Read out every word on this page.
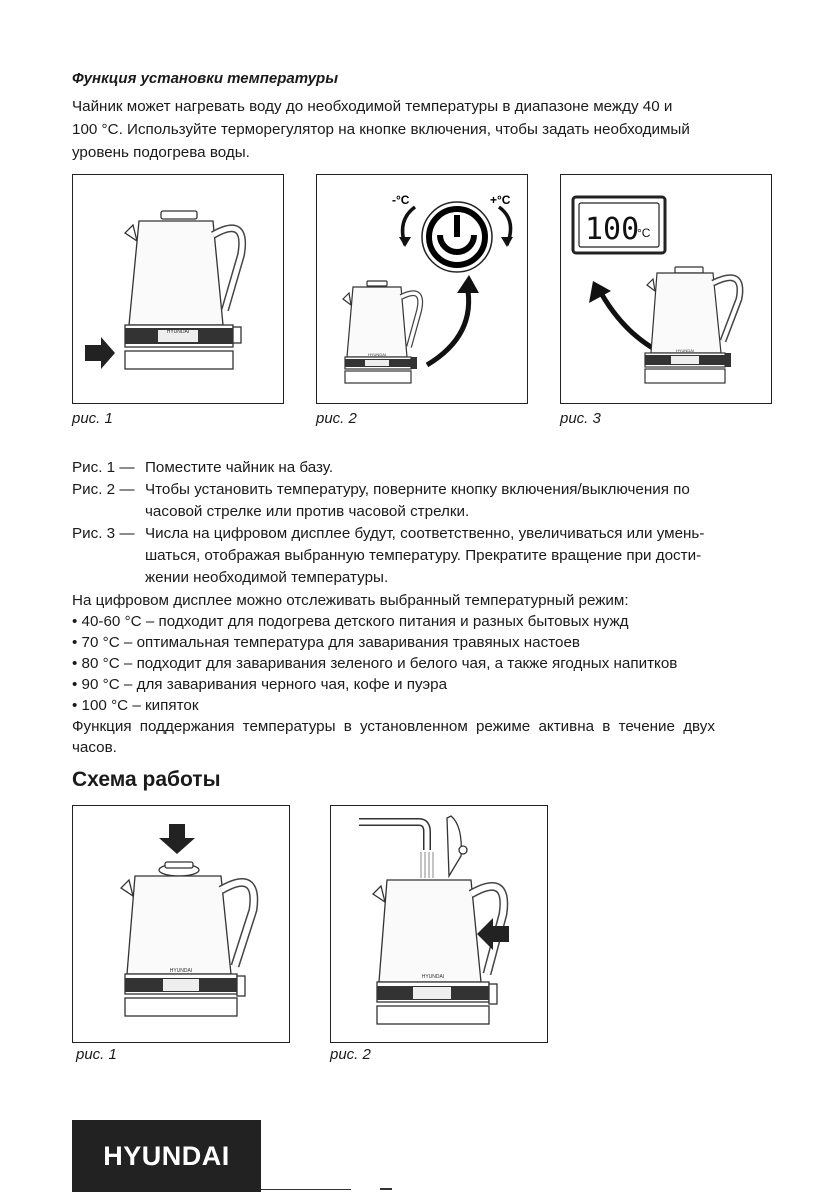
Функция установки температуры
Чайник может нагревать воду до необходимой температуры в диапазоне между 40 и
100 °С. Используйте терморегулятор на кнопке включения, чтобы задать необходимый
уровень подогрева воды.
HYUNDAI
-°С	+°С
HYUNDAI
100
°С
HYUNDAI
рис. 1	рис. 2	рис. 3
Рис. 1 — Поместите чайник на базу.
Рис. 2 — Чтобы установить температуру, поверните кнопку включения/выключения по
часовой стрелке или против часовой стрелки.
Рис. 3 — Числа на цифровом дисплее будут, соответственно, увеличиваться или умень-
шаться, отображая выбранную температуру. Прекратите вращение при дости-
жении необходимой температуры.
На цифровом дисплее можно отслеживать выбранный температурный режим:
• 40-60 °С – подходит для подогрева детского питания и разных бытовых нужд
• 70 °С – оптимальная температура для заваривания травяных настоев
• 80 °С – подходит для заваривания зеленого и белого чая, а также ягодных напитков
• 90 °С – для заваривания черного чая, кофе и пуэра
• 100 °С – кипяток
Функция поддержания температуры в установленном режиме активна в течение двух
часов.
Схема работы
HYUNDAI
HYUNDAI
рис. 1	рис. 2
HYUNDAI
